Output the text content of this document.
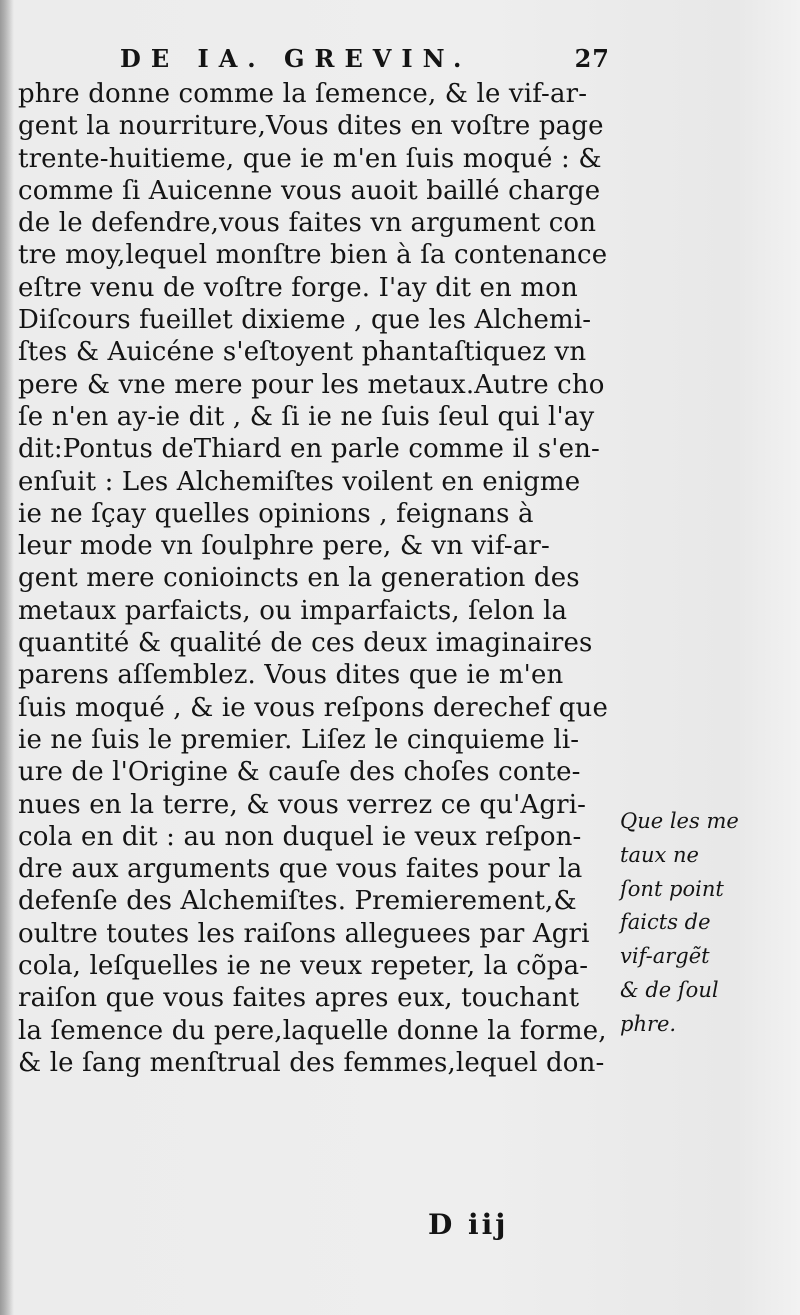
DE IA. GREVIN.	27
phre donne comme la ſemence, & le vif-ar-
gent la nourriture,Vous dites en voſtre page
trente-huitieme, que ie m'en ſuis moqué : &
comme ſi Auicenne vous auoit baillé charge
de le defendre,vous faites vn argument con
tre moy,lequel monſtre bien à ſa contenance
eſtre venu de voſtre forge. I'ay dit en mon
Diſcours fueillet dixieme , que les Alchemi-
ſtes & Auicéne s'eſtoyent phantaſtiquez vn
pere & vne mere pour les metaux.Autre cho
ſe n'en ay-ie dit , & ſi ie ne ſuis ſeul qui l'ay
dit:Pontus deThiard en parle comme il s'en-
enſuit : Les Alchemiſtes voilent en enigme
ie ne ſçay quelles opinions , feignans à
leur mode vn ſoulphre pere, & vn vif-ar-
gent mere conioincts en la generation des
metaux parfaicts, ou imparfaicts, ſelon la
quantité & qualité de ces deux imaginaires
parens aſſemblez. Vous dites que ie m'en
ſuis moqué , & ie vous reſpons derechef que
ie ne ſuis le premier. Liſez le cinquieme li-
ure de l'Origine & cauſe des choſes conte-
nues en la terre, & vous verrez ce qu'Agri-
cola en dit : au non duquel ie veux reſpon-
dre aux arguments que vous faites pour la
defenſe des Alchemiſtes. Premierement,&
oultre toutes les raiſons alleguees par Agri
cola, leſquelles ie ne veux repeter, la cõpa-
raiſon que vous faites apres eux, touchant
la ſemence du pere,laquelle donne la forme,
& le ſang menſtrual des femmes,lequel don-
Que les me
taux ne
ſont point
faicts de
vif-argẽt
& de ſoul
phre.
D iij
